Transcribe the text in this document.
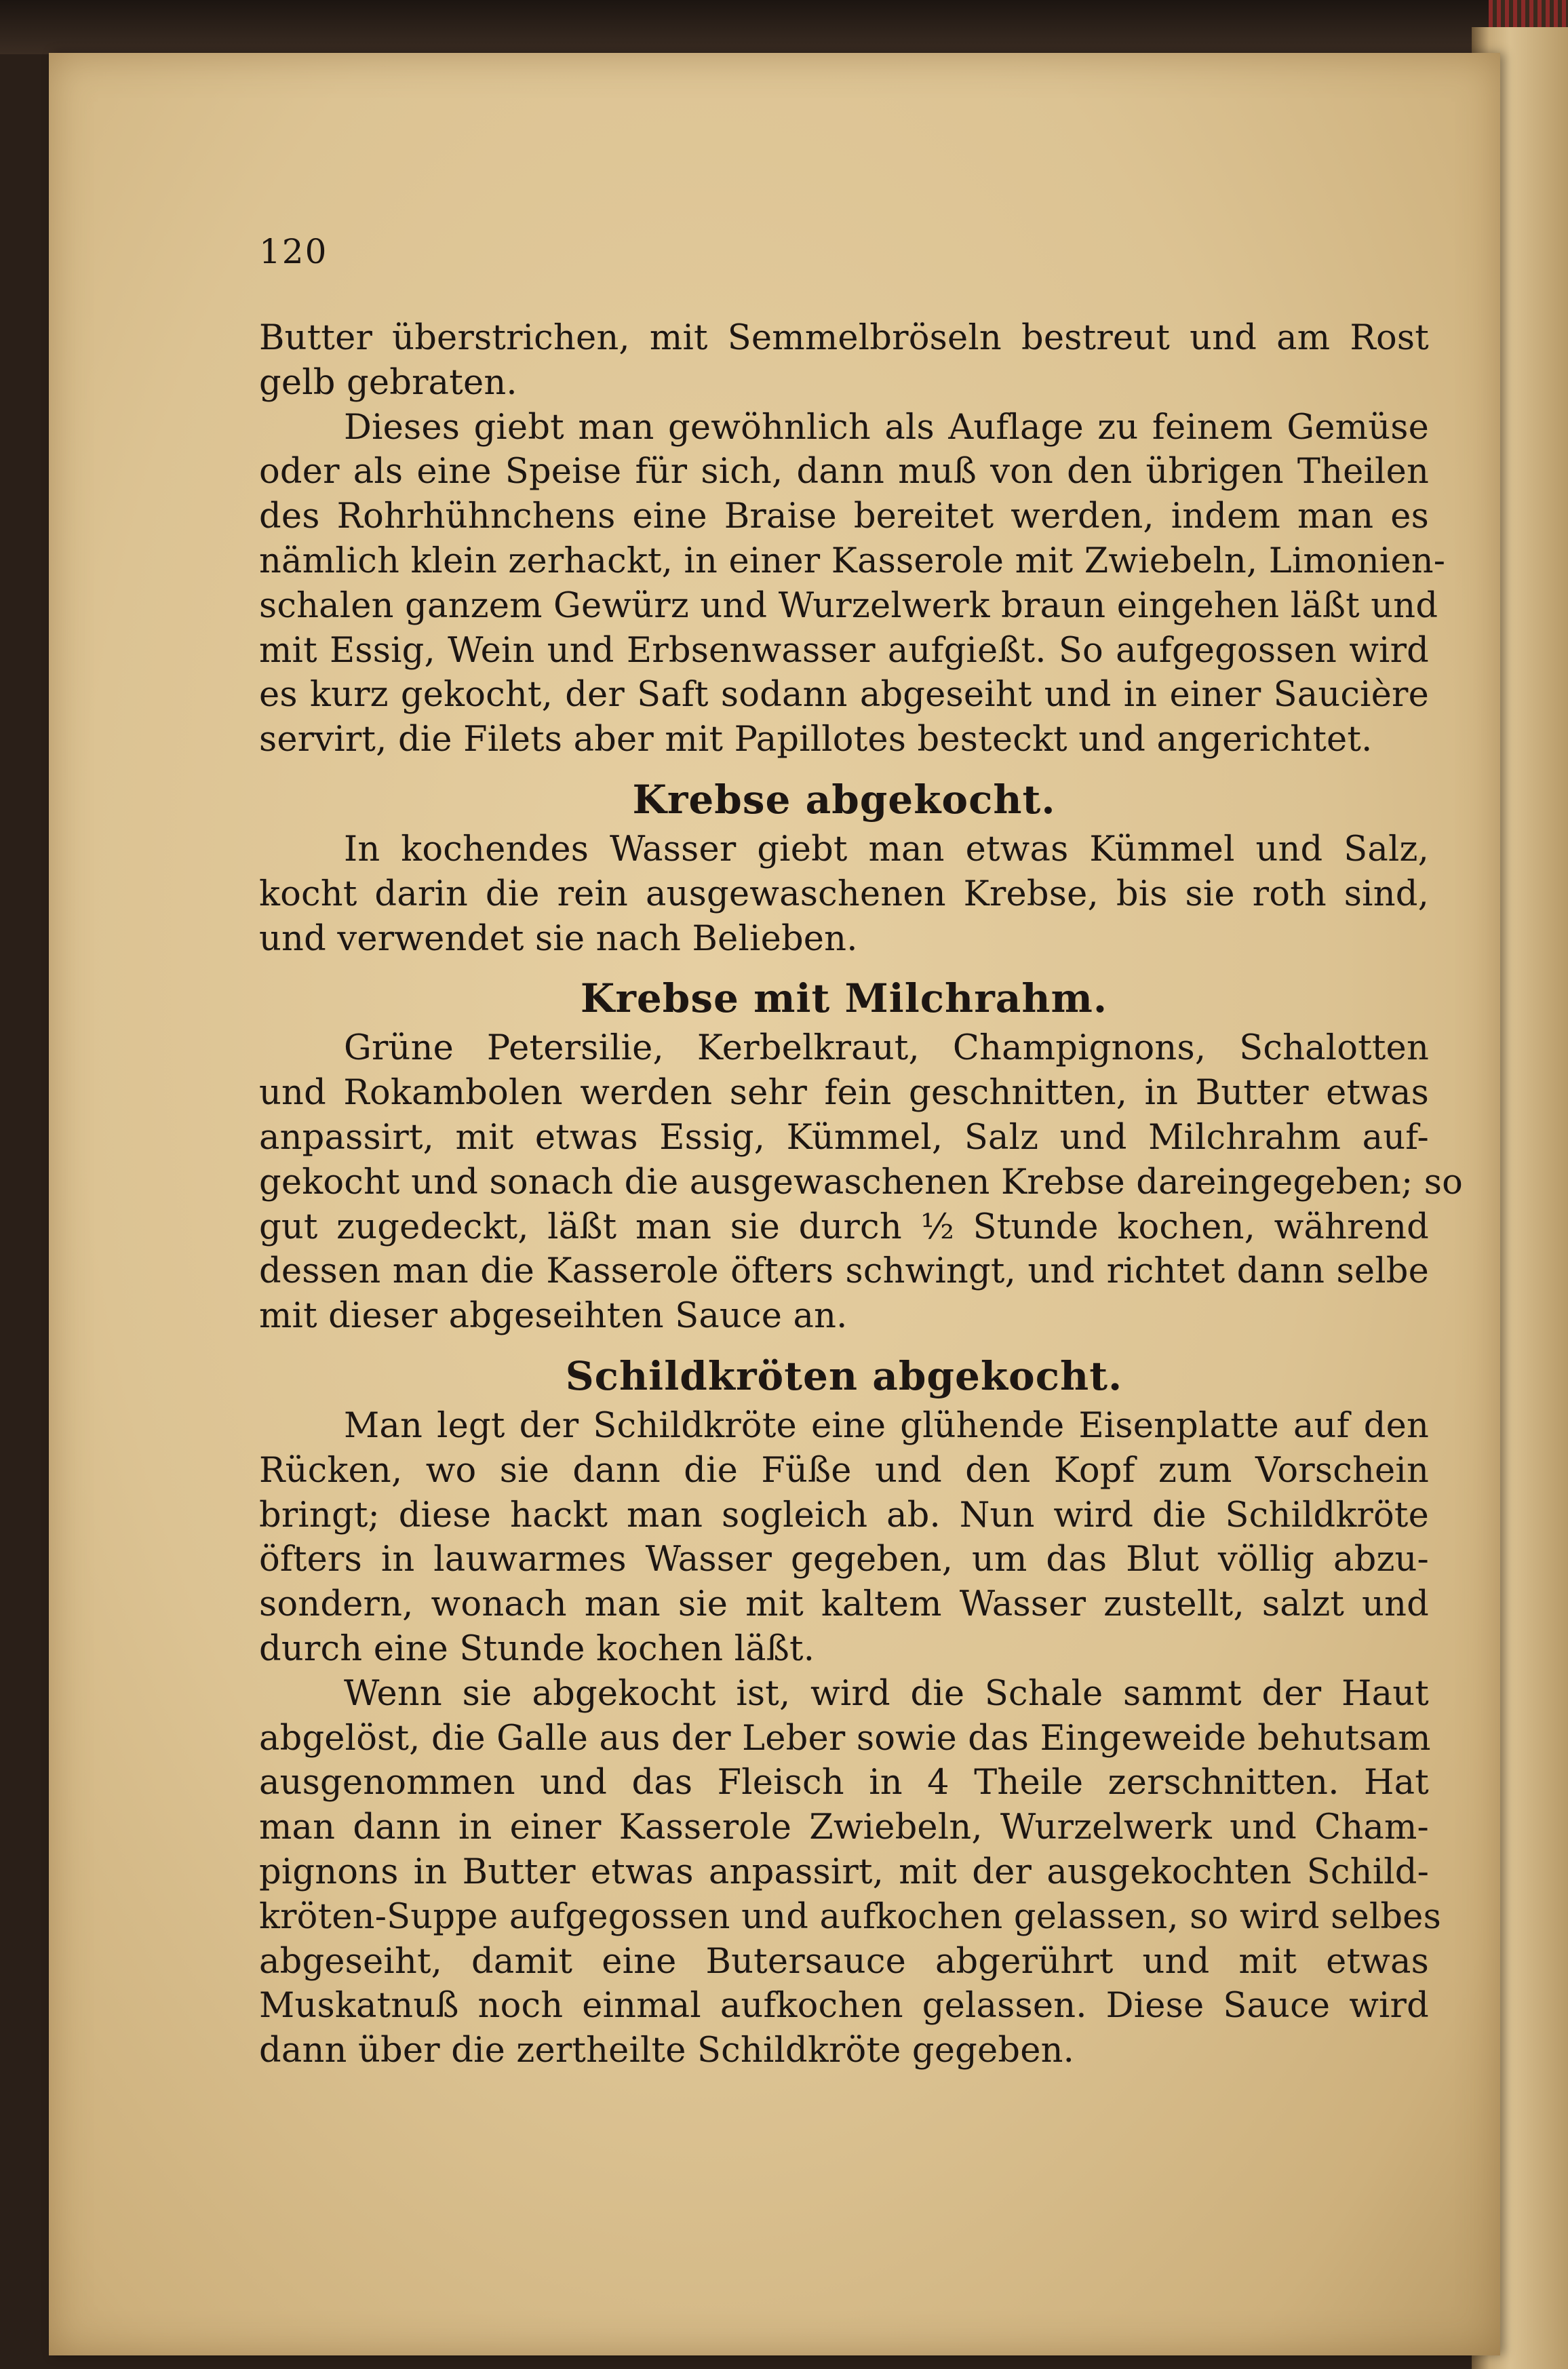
120
Butter überstrichen, mit Semmelbröseln bestreut und am Rost
gelb gebraten.
Dieses giebt man gewöhnlich als Auflage zu feinem Gemüse
oder als eine Speise für sich, dann muß von den übrigen Theilen
des Rohrhühnchens eine Braise bereitet werden, indem man es
nämlich klein zerhackt, in einer Kasserole mit Zwiebeln, Limonien-
schalen ganzem Gewürz und Wurzelwerk braun eingehen läßt und
mit Essig, Wein und Erbsenwasser aufgießt. So aufgegossen wird
es kurz gekocht, der Saft sodann abgeseiht und in einer Saucière
servirt, die Filets aber mit Papillotes besteckt und angerichtet.
Krebse abgekocht.
In kochendes Wasser giebt man etwas Kümmel und Salz,
kocht darin die rein ausgewaschenen Krebse, bis sie roth sind,
und verwendet sie nach Belieben.
Krebse mit Milchrahm.
Grüne Petersilie, Kerbelkraut, Champignons, Schalotten
und Rokambolen werden sehr fein geschnitten, in Butter etwas
anpassirt, mit etwas Essig, Kümmel, Salz und Milchrahm auf-
gekocht und sonach die ausgewaschenen Krebse dareingegeben; so
gut zugedeckt, läßt man sie durch ½ Stunde kochen, während
dessen man die Kasserole öfters schwingt, und richtet dann selbe
mit dieser abgeseihten Sauce an.
Schildkröten abgekocht.
Man legt der Schildkröte eine glühende Eisenplatte auf den
Rücken, wo sie dann die Füße und den Kopf zum Vorschein
bringt; diese hackt man sogleich ab. Nun wird die Schildkröte
öfters in lauwarmes Wasser gegeben, um das Blut völlig abzu-
sondern, wonach man sie mit kaltem Wasser zustellt, salzt und
durch eine Stunde kochen läßt.
Wenn sie abgekocht ist, wird die Schale sammt der Haut
abgelöst, die Galle aus der Leber sowie das Eingeweide behutsam
ausgenommen und das Fleisch in 4 Theile zerschnitten. Hat
man dann in einer Kasserole Zwiebeln, Wurzelwerk und Cham-
pignons in Butter etwas anpassirt, mit der ausgekochten Schild-
kröten-Suppe aufgegossen und aufkochen gelassen, so wird selbes
abgeseiht, damit eine Butersauce abgerührt und mit etwas
Muskatnuß noch einmal aufkochen gelassen. Diese Sauce wird
dann über die zertheilte Schildkröte gegeben.
